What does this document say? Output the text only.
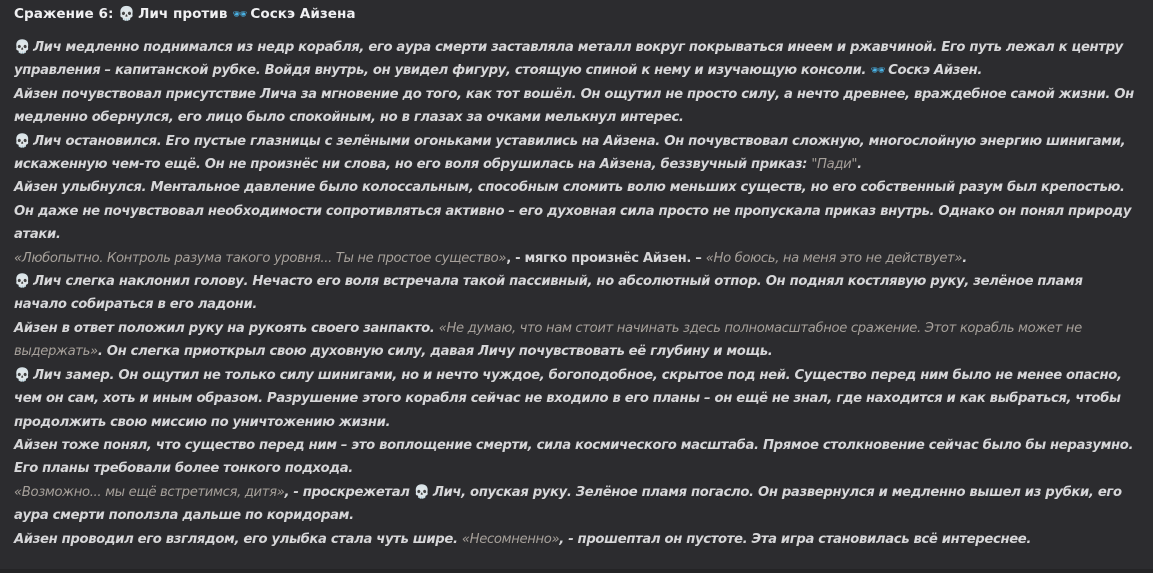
Сражение 6: 💀 Лич против 🕶 Соскэ Айзена

💀 Лич медленно поднимался из недр корабля, его аура смерти заставляла металл вокруг покрываться инеем и ржавчиной. Его путь лежал к центру управления – капитанской рубке. Войдя внутрь, он увидел фигуру, стоящую спиной к нему и изучающую консоли. 🕶 Соскэ Айзен.

Айзен почувствовал присутствие Лича за мгновение до того, как тот вошёл. Он ощутил не просто силу, а нечто древнее, враждебное самой жизни. Он медленно обернулся, его лицо было спокойным, но в глазах за очками мелькнул интерес.

💀 Лич остановился. Его пустые глазницы с зелёными огоньками уставились на Айзена. Он почувствовал сложную, многослойную энергию шинигами, искаженную чем-то ещё. Он не произнёс ни слова, но его воля обрушилась на Айзена, беззвучный приказ: "Пади".

Айзен улыбнулся. Ментальное давление было колоссальным, способным сломить волю меньших существ, но его собственный разум был крепостью. Он даже не почувствовал необходимости сопротивляться активно – его духовная сила просто не пропускала приказ внутрь. Однако он понял природу атаки.

«Любопытно. Контроль разума такого уровня... Ты не простое существо», - мягко произнёс Айзен. – «Но боюсь, на меня это не действует».

💀 Лич слегка наклонил голову. Нечасто его воля встречала такой пассивный, но абсолютный отпор. Он поднял костлявую руку, зелёное пламя начало собираться в его ладони.

Айзен в ответ положил руку на рукоять своего занпакто. «Не думаю, что нам стоит начинать здесь полномасштабное сражение. Этот корабль может не выдержать». Он слегка приоткрыл свою духовную силу, давая Личу почувствовать её глубину и мощь.

💀 Лич замер. Он ощутил не только силу шинигами, но и нечто чуждое, богоподобное, скрытое под ней. Существо перед ним было не менее опасно, чем он сам, хоть и иным образом. Разрушение этого корабля сейчас не входило в его планы – он ещё не знал, где находится и как выбраться, чтобы продолжить свою миссию по уничтожению жизни.

Айзен тоже понял, что существо перед ним – это воплощение смерти, сила космического масштаба. Прямое столкновение сейчас было бы неразумно. Его планы требовали более тонкого подхода.

«Возможно... мы ещё встретимся, дитя», - проскрежетал 💀 Лич, опуская руку. Зелёное пламя погасло. Он развернулся и медленно вышел из рубки, его аура смерти поползла дальше по коридорам.

Айзен проводил его взглядом, его улыбка стала чуть шире. «Несомненно», - прошептал он пустоте. Эта игра становилась всё интереснее.
